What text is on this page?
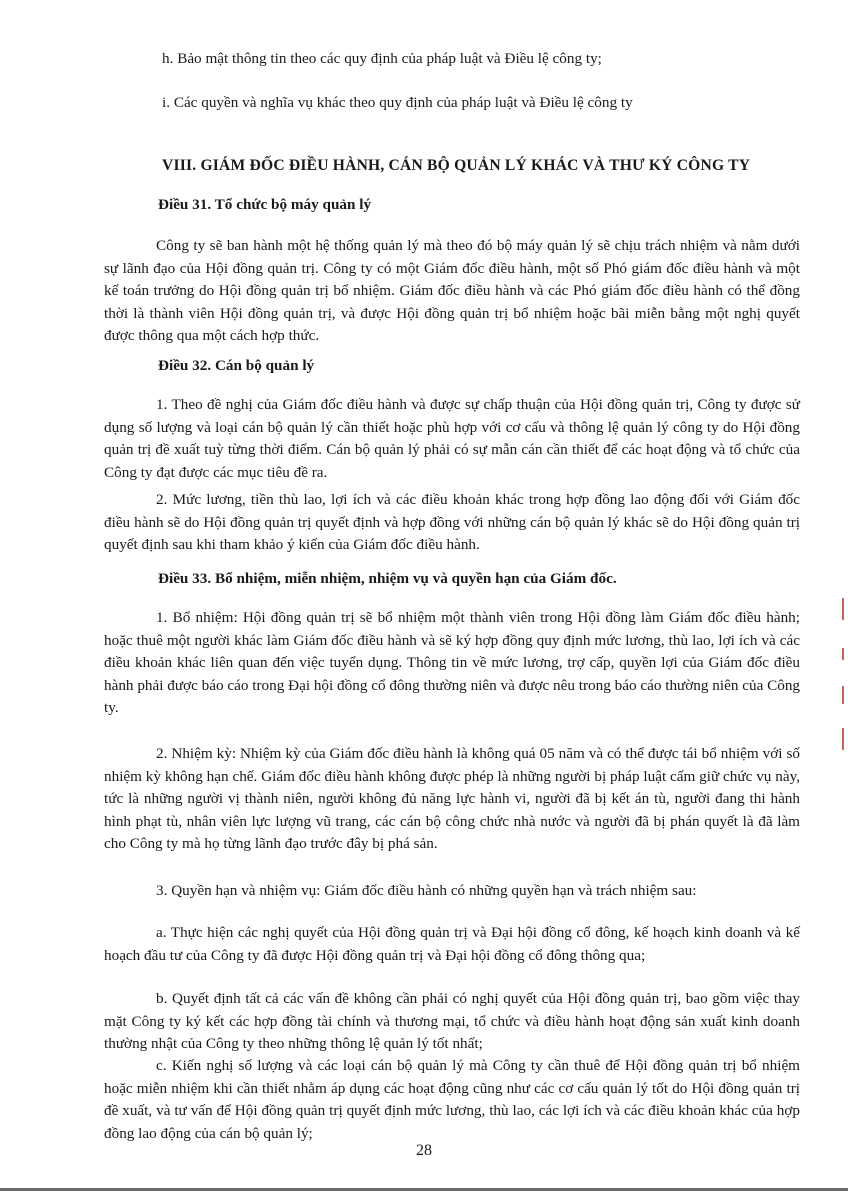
h. Bảo mật thông tin theo các quy định của pháp luật và Điều lệ công ty;

i. Các quyền và nghĩa vụ khác theo quy định của pháp luật và Điều lệ công ty

VIII. GIÁM ĐỐC ĐIỀU HÀNH, CÁN BỘ QUẢN LÝ KHÁC VÀ THƯ KÝ CÔNG TY
Điều 31. Tổ chức bộ máy quản lý

Công ty sẽ ban hành một hệ thống quản lý mà theo đó bộ máy quản lý sẽ chịu trách nhiệm và nằm dưới sự lãnh đạo của Hội đồng quản trị. Công ty có một Giám đốc điều hành, một số Phó giám đốc điều hành và một kế toán trưởng do Hội đồng quản trị bổ nhiệm. Giám đốc điều hành và các Phó giám đốc điều hành có thể đồng thời là thành viên Hội đồng quản trị, và được Hội đồng quản trị bổ nhiệm hoặc bãi miễn bằng một nghị quyết được thông qua một cách hợp thức.

Điều 32. Cán bộ quản lý

1. Theo đề nghị của Giám đốc điều hành và được sự chấp thuận của Hội đồng quản trị, Công ty được sử dụng số lượng và loại cán bộ quản lý cần thiết hoặc phù hợp với cơ cấu và thông lệ quản lý công ty do Hội đồng quản trị đề xuất tuỳ từng thời điểm. Cán bộ quản lý phải có sự mẫn cán cần thiết để các hoạt động và tổ chức của Công ty đạt được các mục tiêu đề ra.

2. Mức lương, tiền thù lao, lợi ích và các điều khoản khác trong hợp đồng lao động đối với Giám đốc điều hành sẽ do Hội đồng quản trị quyết định và hợp đồng với những cán bộ quản lý khác sẽ do Hội đồng quản trị quyết định sau khi tham khảo ý kiến của Giám đốc điều hành.

Điều 33. Bổ nhiệm, miễn nhiệm, nhiệm vụ và quyền hạn của Giám đốc.

1. Bổ nhiệm: Hội đồng quản trị sẽ bổ nhiệm một thành viên trong Hội đồng làm Giám đốc điều hành; hoặc thuê một người khác làm Giám đốc điều hành và sẽ ký hợp đồng quy định mức lương, thù lao, lợi ích và các điều khoản khác liên quan đến việc tuyển dụng. Thông tin về mức lương, trợ cấp, quyền lợi của Giám đốc điều hành phải được báo cáo trong Đại hội đồng cổ đông thường niên và được nêu trong báo cáo thường niên của Công ty.

2. Nhiệm kỳ: Nhiệm kỳ của Giám đốc điều hành là không quá 05 năm và có thể được tái bổ nhiệm với số nhiệm kỳ không hạn chế. Giám đốc điều hành không được phép là những người bị pháp luật cấm giữ chức vụ này, tức là những người vị thành niên, người không đủ năng lực hành vi, người đã bị kết án tù, người đang thi hành hình phạt tù, nhân viên lực lượng vũ trang, các cán bộ công chức nhà nước và người đã bị phán quyết là đã làm cho Công ty mà họ từng lãnh đạo trước đây bị phá sản.

3. Quyền hạn và nhiệm vụ: Giám đốc điều hành có những quyền hạn và trách nhiệm sau:

a. Thực hiện các nghị quyết của Hội đồng quản trị và Đại hội đồng cổ đông, kế hoạch kinh doanh và kế hoạch đầu tư của Công ty đã được Hội đồng quản trị và Đại hội đồng cổ đông thông qua;

b. Quyết định tất cả các vấn đề không cần phải có nghị quyết của Hội đồng quản trị, bao gồm việc thay mặt Công ty ký kết các hợp đồng tài chính và thương mại, tổ chức và điều hành hoạt động sản xuất kinh doanh thường nhật của Công ty theo những thông lệ quản lý tốt nhất;

c. Kiến nghị số lượng và các loại cán bộ quản lý mà Công ty cần thuê để Hội đồng quản trị bổ nhiệm hoặc miễn nhiệm khi cần thiết nhằm áp dụng các hoạt động cũng như các cơ cấu quản lý tốt do Hội đồng quản trị đề xuất, và tư vấn để Hội đồng quản trị quyết định mức lương, thù lao, các lợi ích và các điều khoản khác của hợp đồng lao động của cán bộ quản lý;

28
